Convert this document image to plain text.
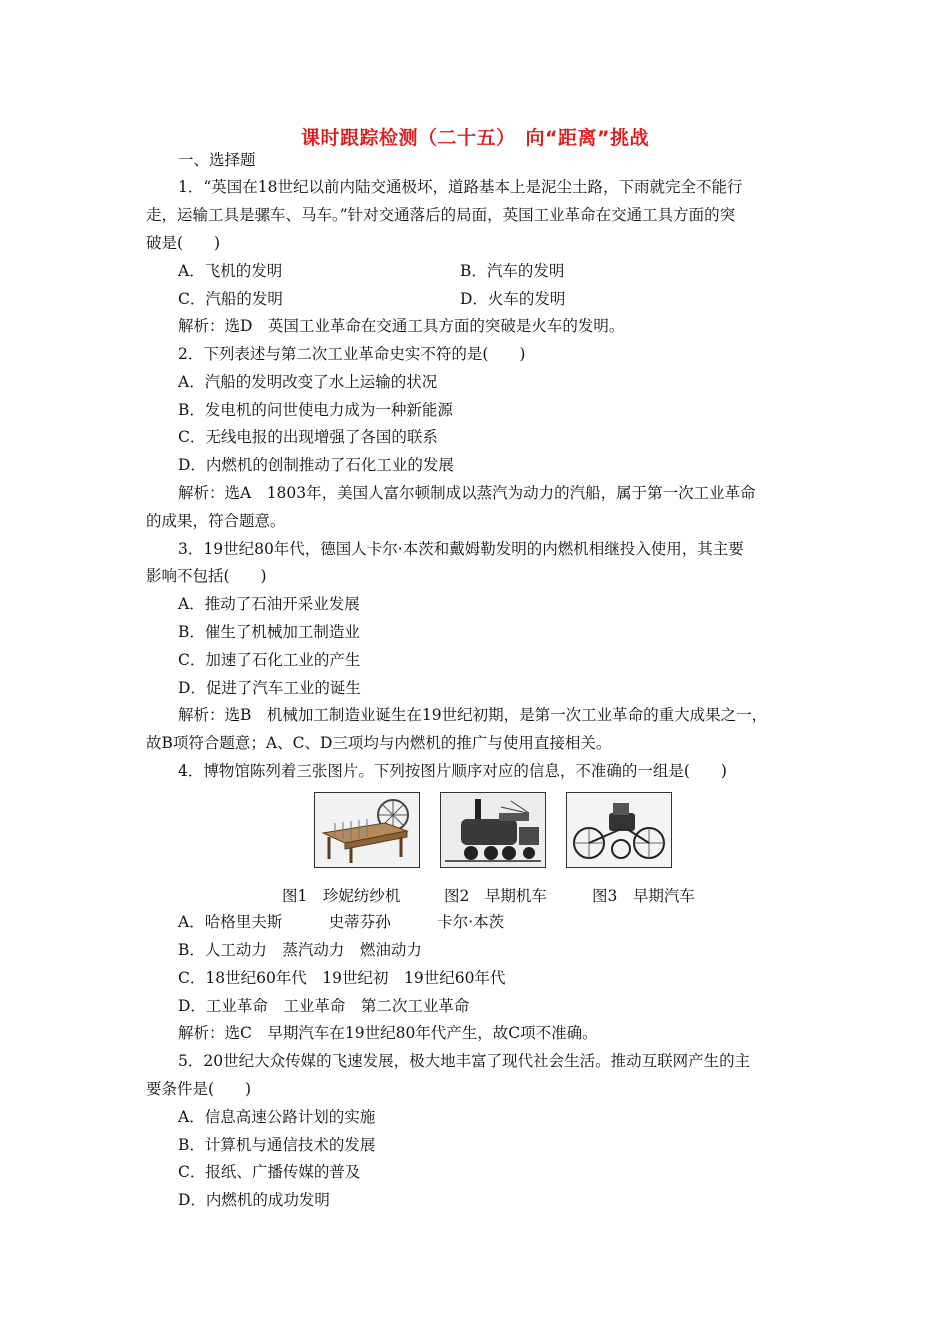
课时跟踪检测（二十五）　向“距离”挑战
一、选择题
1．“英国在18世纪以前内陆交通极坏，道路基本上是泥尘土路，下雨就完全不能行
走，运输工具是骡车、马车。”针对交通落后的局面，英国工业革命在交通工具方面的突
破是(　　)
A．飞机的发明	B．汽车的发明
C．汽船的发明	D．火车的发明
解析：选D　英国工业革命在交通工具方面的突破是火车的发明。
2．下列表述与第二次工业革命史实不符的是(　　)
A．汽船的发明改变了水上运输的状况
B．发电机的问世使电力成为一种新能源
C．无线电报的出现增强了各国的联系
D．内燃机的创制推动了石化工业的发展
解析：选A　1803年，美国人富尔顿制成以蒸汽为动力的汽船，属于第一次工业革命
的成果，符合题意。
3．19世纪80年代，德国人卡尔·本茨和戴姆勒发明的内燃机相继投入使用，其主要
影响不包括(　　)
A．推动了石油开采业发展
B．催生了机械加工制造业
C．加速了石化工业的产生
D．促进了汽车工业的诞生
解析：选B　机械加工制造业诞生在19世纪初期，是第一次工业革命的重大成果之一，
故B项符合题意；A、C、D三项均与内燃机的推广与使用直接相关。
4．博物馆陈列着三张图片。下列按图片顺序对应的信息，不准确的一组是(　　)
图1　珍妮纺纱机	图2　早期机车	图3　早期汽车
A．哈格里夫斯　　　史蒂芬孙　　　卡尔·本茨
B．人工动力　蒸汽动力　燃油动力
C．18世纪60年代　19世纪初　19世纪60年代
D．工业革命　工业革命　第二次工业革命
解析：选C　早期汽车在19世纪80年代产生，故C项不准确。
5．20世纪大众传媒的飞速发展，极大地丰富了现代社会生活。推动互联网产生的主
要条件是(　　)
A．信息高速公路计划的实施
B．计算机与通信技术的发展
C．报纸、广播传媒的普及
D．内燃机的成功发明
